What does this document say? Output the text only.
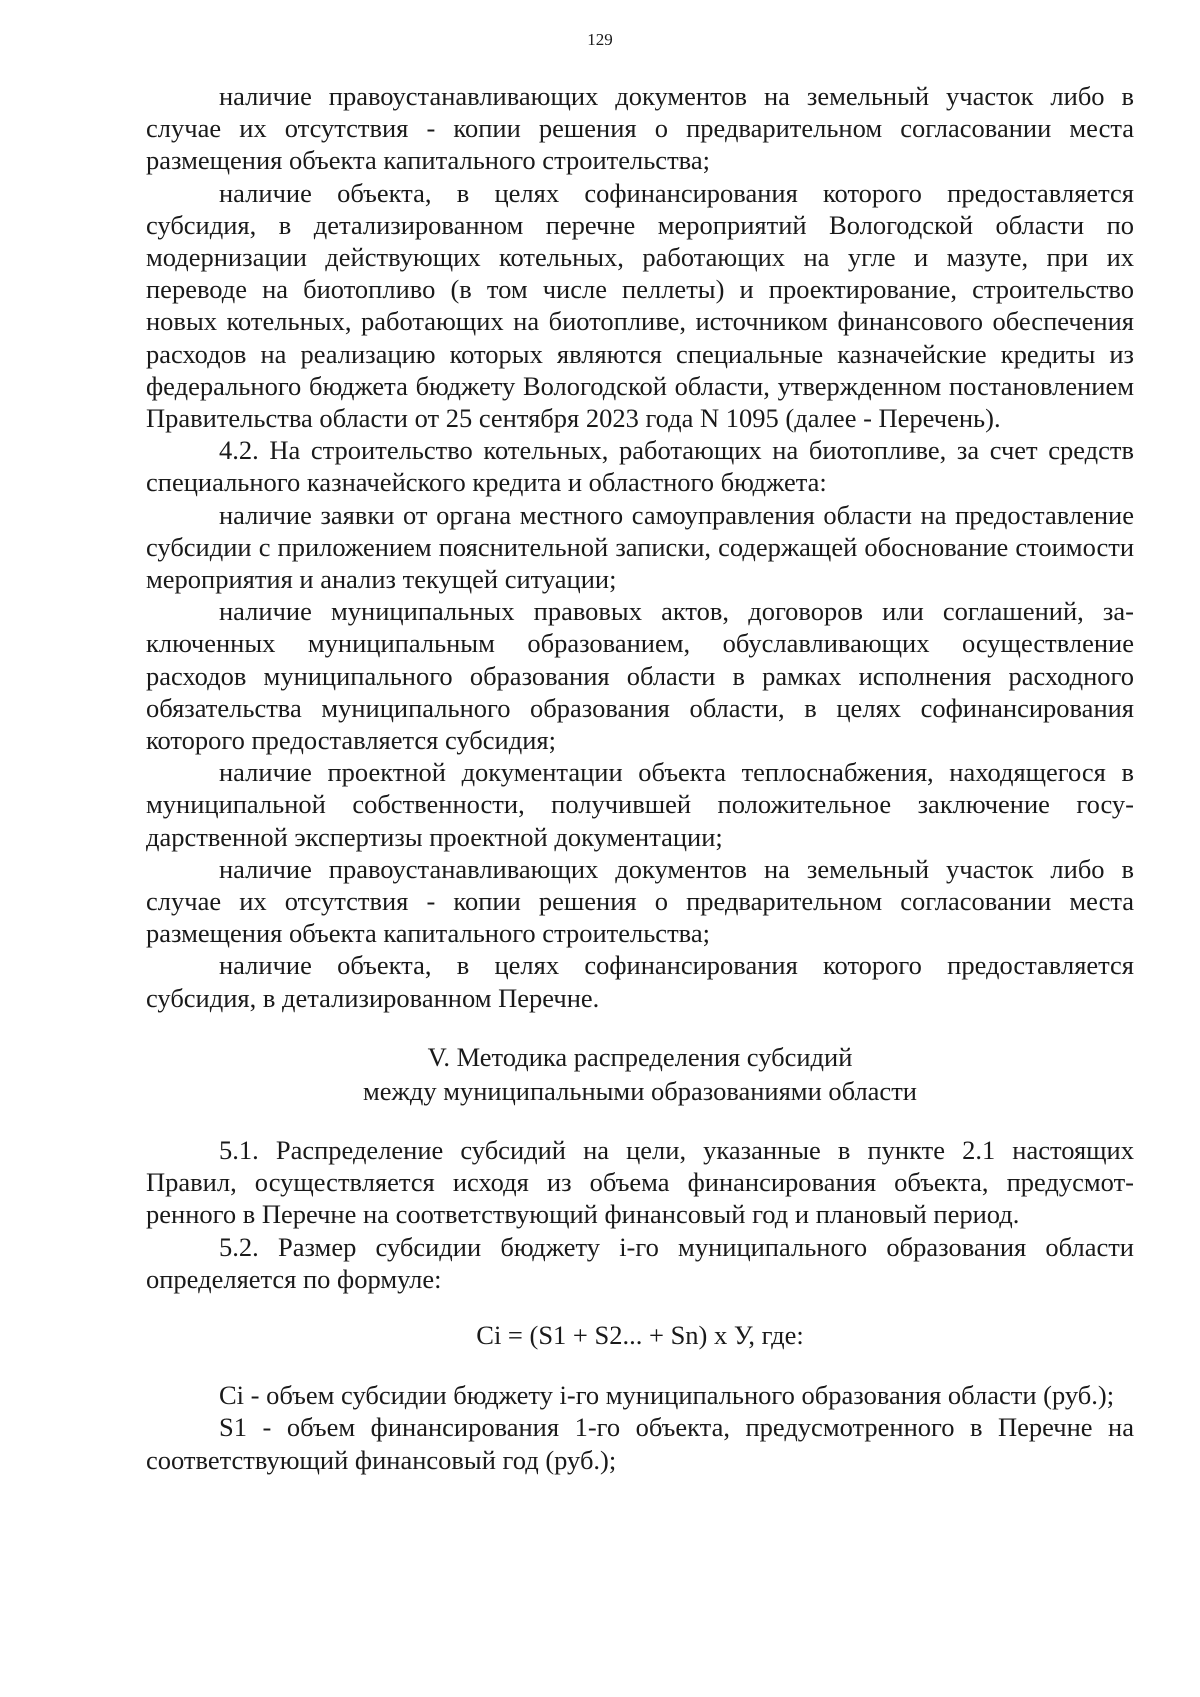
129

наличие правоустанавливающих документов на земельный участок либо в случае их отсутствия - копии решения о предварительном согласовании места размещения объекта капитального строительства;

наличие объекта, в целях софинансирования которого предоставляется субсидия, в детализированном перечне мероприятий Вологодской области по модернизации действующих котельных, работающих на угле и мазуте, при их переводе на биотопливо (в том числе пеллеты) и проектирование, строительство новых котельных, работающих на биотопливе, источником финансового обеспечения расходов на реализацию которых являются специальные казначейские кредиты из федерального бюджета бюджету Вологодской области, утвержденном постановлением Правительства области от 25 сентября 2023 года N 1095 (далее - Перечень).

4.2. На строительство котельных, работающих на биотопливе, за счет средств специального казначейского кредита и областного бюджета:

наличие заявки от органа местного самоуправления области на предоставление субсидии с приложением пояснительной записки, содержащей обоснование стоимости мероприятия и анализ текущей ситуации;

наличие муниципальных правовых актов, договоров или соглашений, заключенных муниципальным образованием, обуславливающих осуществление расходов муниципального образования области в рамках исполнения расходного обязательства муниципального образования области, в целях софинансирования которого предоставляется субсидия;

наличие проектной документации объекта теплоснабжения, находящегося в муниципальной собственности, получившей положительное заключение государственной экспертизы проектной документации;

наличие правоустанавливающих документов на земельный участок либо в случае их отсутствия - копии решения о предварительном согласовании места размещения объекта капитального строительства;

наличие объекта, в целях софинансирования которого предоставляется субсидия, в детализированном Перечне.

V. Методика распределения субсидий

между муниципальными образованиями области

5.1. Распределение субсидий на цели, указанные в пункте 2.1 настоящих Правил, осуществляется исходя из объема финансирования объекта, предусмотренного в Перечне на соответствующий финансовый год и плановый период.

5.2. Размер субсидии бюджету i-го муниципального образования области определяется по формуле:

Ci = (S1 + S2... + Sn) х У, где:

Ci - объем субсидии бюджету i-го муниципального образования области (руб.);

S1 - объем финансирования 1-го объекта, предусмотренного в Перечне на соответствующий финансовый год (руб.);
